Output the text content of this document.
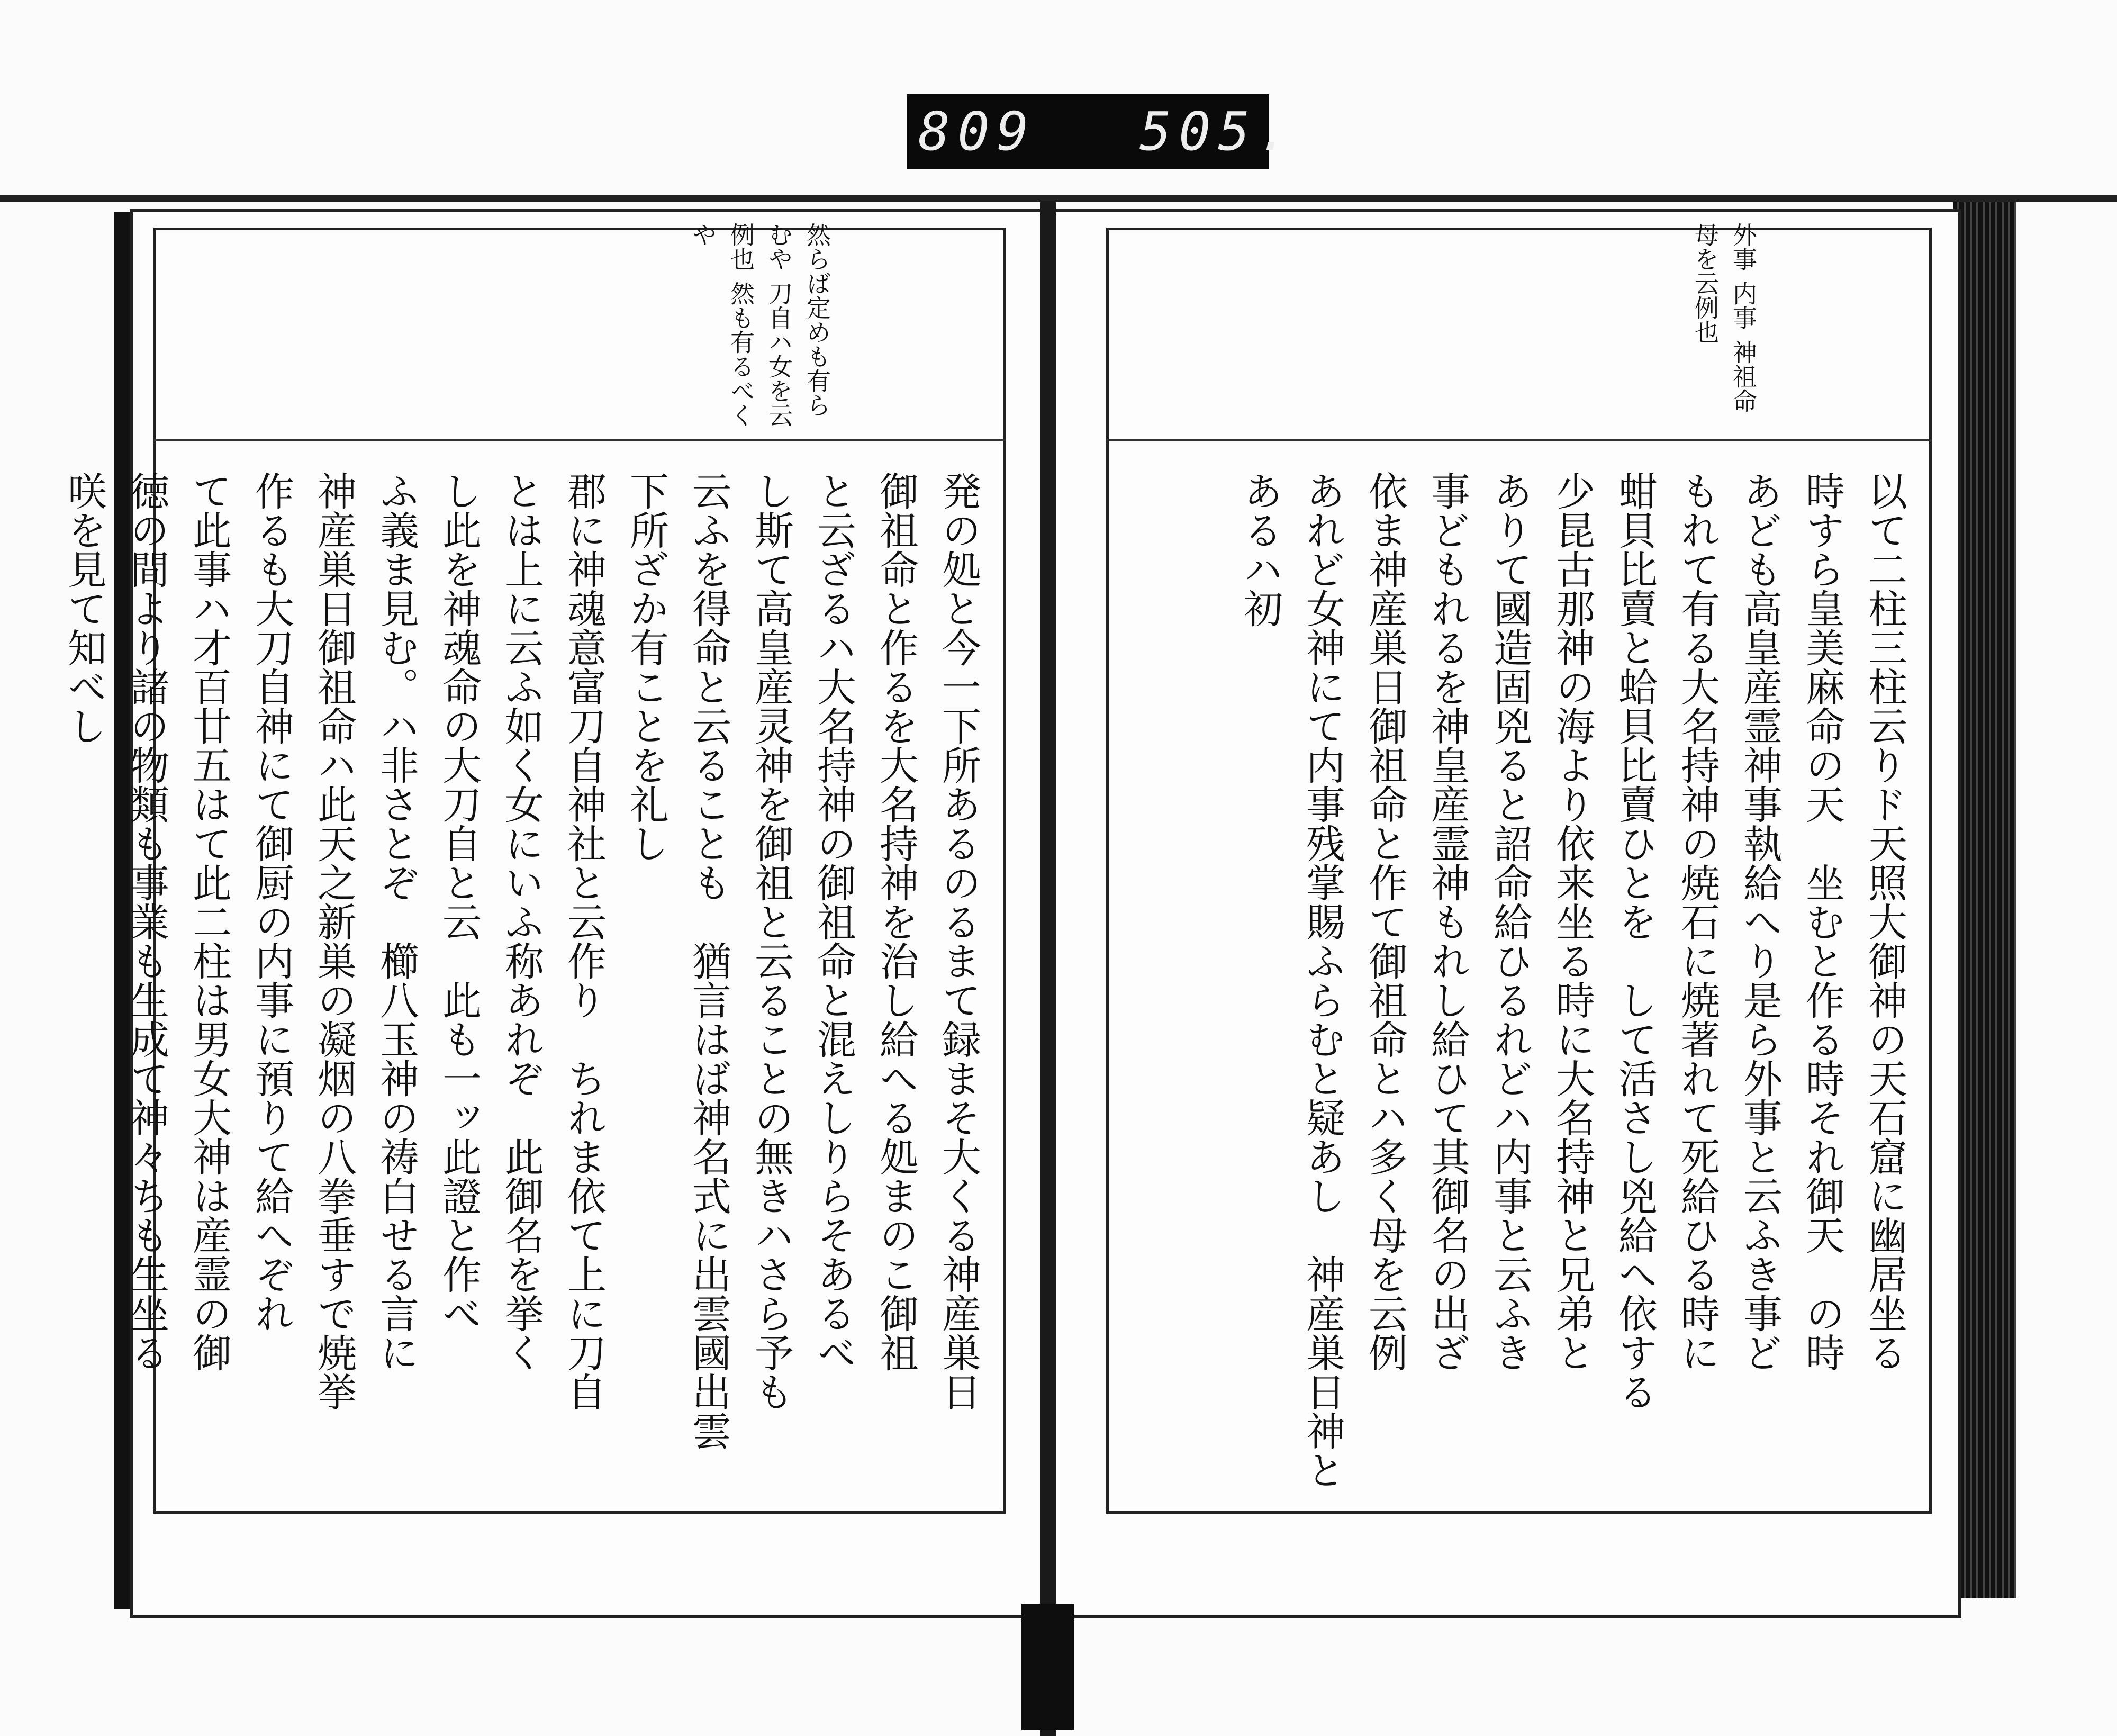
809 505.
外事 内事 神祖命　母を云例也
然らば定めも有らむや 刀自ハ女を云例也 然も有るべくや
以て二柱三柱云りド天照大御神の天石窟に幽居坐る
時すら皇美麻命の天　坐むと作る時それ御天　の時
あども高皇産霊神事執給へり是ら外事と云ふき事ど
もれて有る大名持神の焼石に焼著れて死給ひる時に
蚶貝比賣と蛤貝比賣ひとを　して活さし兇給へ依する
少昆古那神の海より依来坐る時に大名持神と兄弟と
ありて國造固兇ると詔命給ひるれどハ内事と云ふき
事どもれるを神皇産霊神もれし給ひて其御名の出ざ
依ま神産巣日御祖命と作て御祖命とハ多く母を云例
あれど女神にて内事残掌賜ふらむと疑あし　神産巣日神とあるハ初
発の処と今一下所あるのるまて録まそ大くる神産巣日
御祖命と作るを大名持神を治し給へる処まのこ御祖
と云ざるハ大名持神の御祖命と混えしりらそあるべ
し斯て高皇産灵神を御祖と云ることの無きハさら予も
云ふを得命と云ることも　猶言はば神名式に出雲國出雲
下所ざか有ことを礼し
郡に神魂意富刀自神社と云作り　ちれま依て上に刀自
とは上に云ふ如く女にいふ称あれぞ　此御名を挙く
し此を神魂命の大刀自と云　此も一ッ此證と作べ
ふ義ま見む。ハ非さとぞ　櫛八玉神の祷白せる言に
神産巣日御祖命ハ此天之新巣の凝烟の八拳垂すで焼挙
作るも大刀自神にて御厨の内事に預りて給へぞれ
て此事ハ才百廿五はて此二柱は男女大神は産霊の御
徳の間より諸の物類も事業も生成て神々ちも生坐る
咲を見て知べし
